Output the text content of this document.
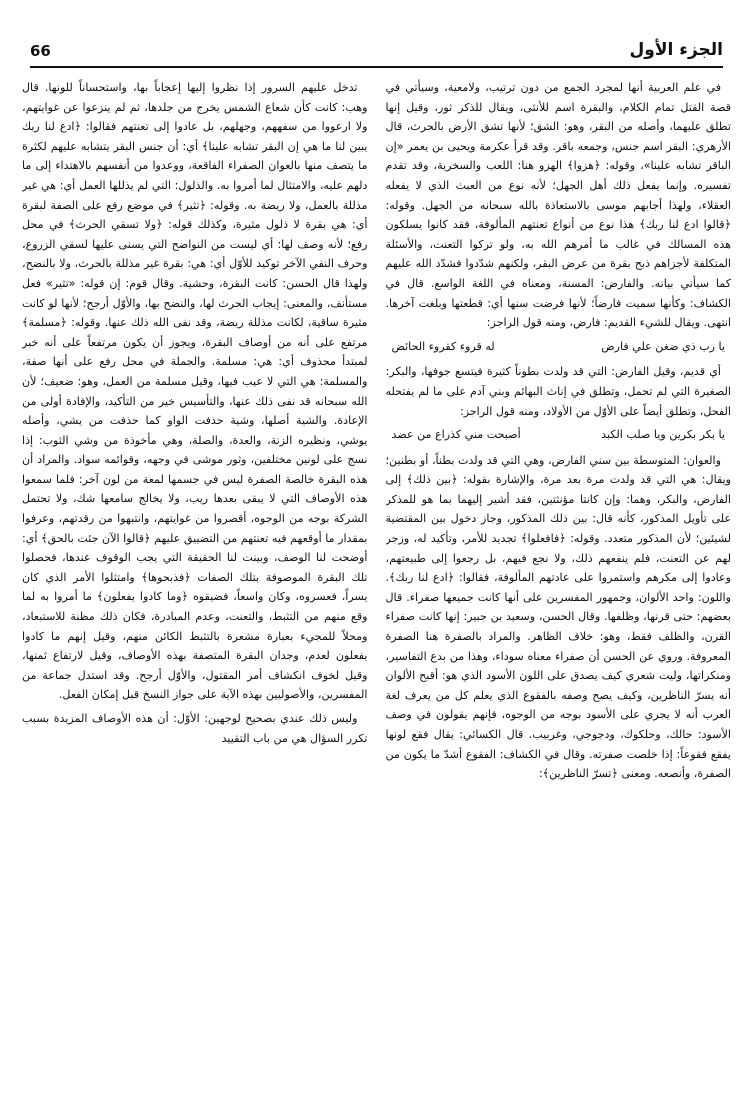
الجزء الأول
66

في علم العربية أنها لمجرد الجمع من دون ترتيب، ولامعية، وسيأتي في قصة القتل تمام الكلام، والبقرة اسم للأنثى، ويقال للذكر ثور، وقيل إنها تطلق عليهما، وأصله من البقر، وهو: الشق؛ لأنها تشق الأرض بالحرث، قال الأزهري: البقر اسم جنس، وجمعه باقر. وقد قرأ عكرمة ويحيى بن يعمر «إن الباقر تشابه علينا»، وقوله: ﴿هزوا﴾ الهزو هنا: اللعب والسخرية، وقد تقدم تفسيره. وإنما يفعل ذلك أهل الجهل؛ لأنه نوع من العبث الذي لا يفعله العقلاء، ولهذا أجابهم موسى بالاستعاذة بالله سبحانه من الجهل. وقوله: ﴿قالوا ادع لنا ربك﴾ هذا نوع من أنواع تعنتهم المألوفة، فقد كانوا يسلكون هذه المسالك في غالب ما أمرهم الله به، ولو تركوا التعنت، والأسئلة المتكلفة لأجزاهم ذبح بقرة من عرض البقر، ولكنهم شدّدوا فشدّد الله عليهم كما سيأتي بيانه. والفارض: المسنة، ومعناه في اللغة الواسع. قال في الكشاف: وكأنها سميت فارضاً؛ لأنها فرضت سنها أي: قطعتها وبلغت آخرها. انتهى. ويقال للشيء القديم: فارض، ومنه قول الراجز:

يا رب ذي ضغن علي فارض
له قروء كقروء الحائض

أي قديم، وقيل الفارض: التي قد ولدت بطوناً كثيرة فيتسع جوفها، والبكر: الصغيرة التي لم تحمل، وتطلق في إناث البهائم وبني آدم على ما لم يفتحله الفحل، وتطلق أيضاً على الأوّل من الأولاد، ومنه قول الراجز:

يا بكر بكرين ويا صلب الكبد
أصبحت مني كذراع من عضد

والعوان: المتوسطة بين سني الفارض، وهي التي قد ولدت بطناً، أو بطنين؛ ويقال: هي التي قد ولدت مرة بعد مرة، والإشارة بقوله: ﴿بين ذلك﴾ إلى الفارض، والبكر، وهما: وإن كانتا مؤنثتين، فقد أشير إليهما بما هو للمذكر على تأويل المذكور، كأنه قال: بين ذلك المذكور، وجاز دخول بين المقتضية لشيئين؛ لأن المذكور متعدد. وقوله: ﴿فافعلوا﴾ تجديد للأمر، وتأكيد له، وزجر لهم عن التعنت، فلم ينفعهم ذلك، ولا نجع فيهم، بل رجعوا إلى طبيعتهم، وعادوا إلى مكرهم واستمروا على عادتهم المألوفة، فقالوا: ﴿ادع لنا ربك﴾. واللون: واحد الألوان، وجمهور المفسرين على أنها كانت جميعها صفراء. قال بعضهم: حتى قرنها، وظلفها. وقال الحسن، وسعيد بن جبير: إنها كانت صفراء القرن، والظلف فقط، وهو: خلاف الظاهر. والمراد بالصفرة هنا الصفرة المعروفة. وروي عن الحسن أن صفراء معناه سوداء، وهذا من بدع التفاسير، ومنكراتها، وليت شعري كيف يصدق على اللون الأسود الذي هو: أقبح الألوان أنه يسرّ الناظرين، وكيف يصح وصفه بالفقوع الذي يعلم كل من يعرف لغة العرب أنه لا يجري على الأسود بوجه من الوجوه، فإنهم يقولون في وصف الأسود: حالك، وحلكوك، ودجوجي، وغربيب. قال الكسائي: يقال فقع لونها يفقع فقوعاً: إذا خلصت صفرته. وقال في الكشاف: الفقوع أشدّ ما يكون من الصفرة، وأنصعه. ومعنى ﴿تسرّ الناظرين﴾:

تدخل عليهم السرور إذا نظروا إليها إعجاباً بها، واستحساناً للونها. قال وهب: كانت كأن شعاع الشمس يخرج من جلدها، ثم لم ينزعوا عن غوايتهم، ولا ارعووا من سفههم، وجهلهم، بل عادوا إلى تعنتهم فقالوا: ﴿ادع لنا ربك يبين لنا ما هي إن البقر تشابه علينا﴾ أي: أن جنس البقر يتشابه عليهم لكثرة ما يتصف منها بالعوان الصفراء الفاقعة، ووعدوا من أنفسهم بالاهتداء إلى ما دلهم عليه، والامتثال لما أمروا به. والذلول: التي لم يذللها العمل أي: هي غير مذللة بالعمل، ولا ريضة به. وقوله: ﴿تثير﴾ في موضع رفع على الصفة لبقرة أي: هي بقرة لا ذلول مثيرة، وكذلك قوله: ﴿ولا تسقي الحرث﴾ في محل رفع؛ لأنه وصف لها: أي ليست من النواضح التي يسنى عليها لسقي الزروع، وحرف النفي الآخر توكيد للأوّل أي: هي: بقرة غير مذللة بالحرث، ولا بالنضح، ولهذا قال الحسن: كانت البقرة، وحشية. وقال قوم: إن قوله: «تثير» فعل مستأنف، والمعنى: إيجاب الحرث لها، والنضح بها، والأوّل أرجح؛ لأنها لو كانت مثيرة ساقية، لكانت مذللة ريضة، وقد نفى الله ذلك عنها. وقوله: ﴿مسلمة﴾ مرتفع على أنه من أوصاف البقرة، ويجوز أن يكون مرتفعاً على أنه خبر لمبتدأ محذوف أي: هي: مسلمة. والجملة في محل رفع على أنها صفة، والمسلمة: هي التي لا عيب فيها، وقيل مسلمة من العمل، وهو: ضعيف؛ لأن الله سبحانه قد نفى ذلك عنها، والتأسيس خير من التأكيد، والإفادة أولى من الإعادة. والشية أصلها، وشية حذفت الواو كما حذفت من يشي، وأصله يوشي، ونظيره الزنة، والعدة، والصلة، وهي مأخوذة من وشي الثوب: إذا نسج على لونين مختلفين، وثور موشى في وجهه، وقوائمه سواد. والمراد أن هذه البقرة خالصة الصفرة ليس في جسمها لمعة من لون آخر: فلما سمعوا هذه الأوصاف التي لا يبقى بعدها ريب، ولا يخالج سامعها شك، ولا تحتمل الشركة بوجه من الوجوه، أقصروا من غوايتهم، وانتبهوا من رقدتهم، وعرفوا بمقدار ما أوقعهم فيه تعنتهم من التضييق عليهم ﴿قالوا الآن جئت بالحق﴾ أي: أوضحت لنا الوصف، وبينت لنا الحقيقة التي يجب الوقوف عندها، فحصلوا تلك البقرة الموصوفة بتلك الصفات ﴿فذبحوها﴾ وامتثلوا الأمر الذي كان يسراً، فعسروه، وكان واسعاً، فضيقوه ﴿وما كادوا يفعلون﴾ ما أمروا به لما وقع منهم من التثبط، والتعنت، وعدم المبادرة، فكان ذلك مظنة للاستبعاد، ومحلاً للمجيء بعبارة مشعرة بالتثبط الكائن منهم، وقيل إنهم ما كادوا يفعلون لعدم، وجدان البقرة المتصفة بهذه الأوصاف، وقيل لارتفاع ثمنها، وقيل لخوف انكشاف أمر المقتول، والأوّل أرجح. وقد استدل جماعة من المفسرين، والأصوليين بهذه الآية على جواز النسخ قبل إمكان الفعل.

وليس ذلك عندي بصحيح لوجهين: الأوّل: أن هذه الأوصاف المزيدة بسبب تكرر السؤال هي من باب التقييد
